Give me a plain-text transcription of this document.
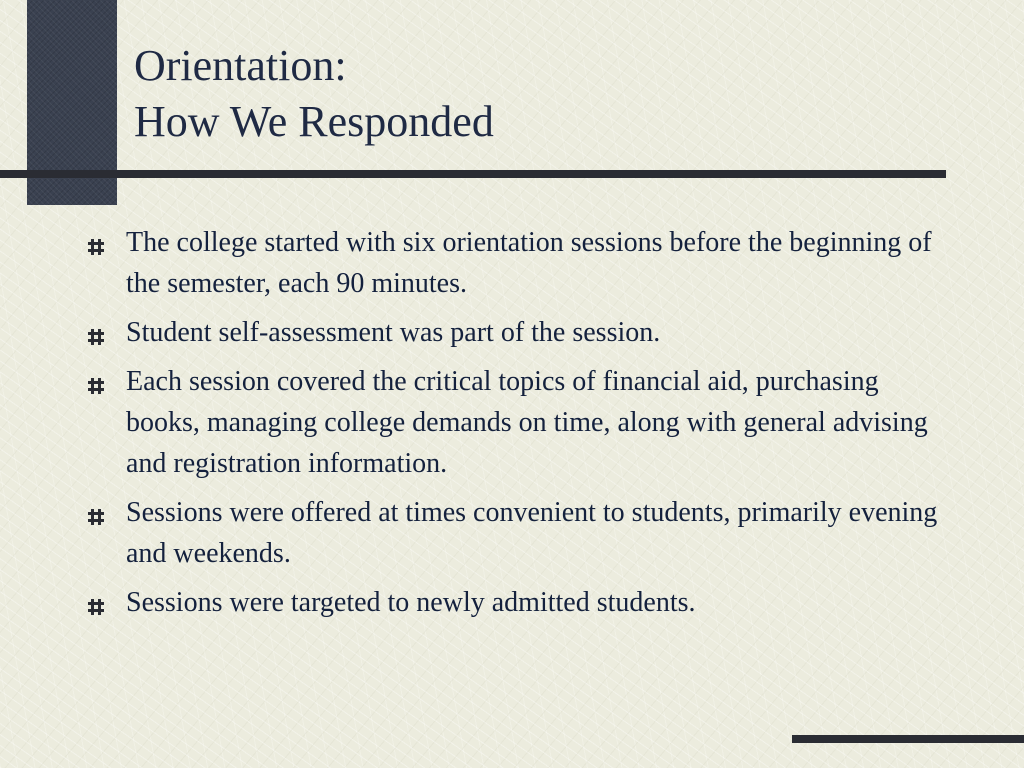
Orientation:
How We Responded
The college started with six orientation sessions before the beginning of the semester, each 90 minutes.
Student self-assessment was part of the session.
Each session covered the critical topics of financial aid, purchasing books, managing college demands on time, along with general advising and registration information.
Sessions were offered at times convenient to students, primarily evening and weekends.
Sessions were targeted to newly admitted students.
